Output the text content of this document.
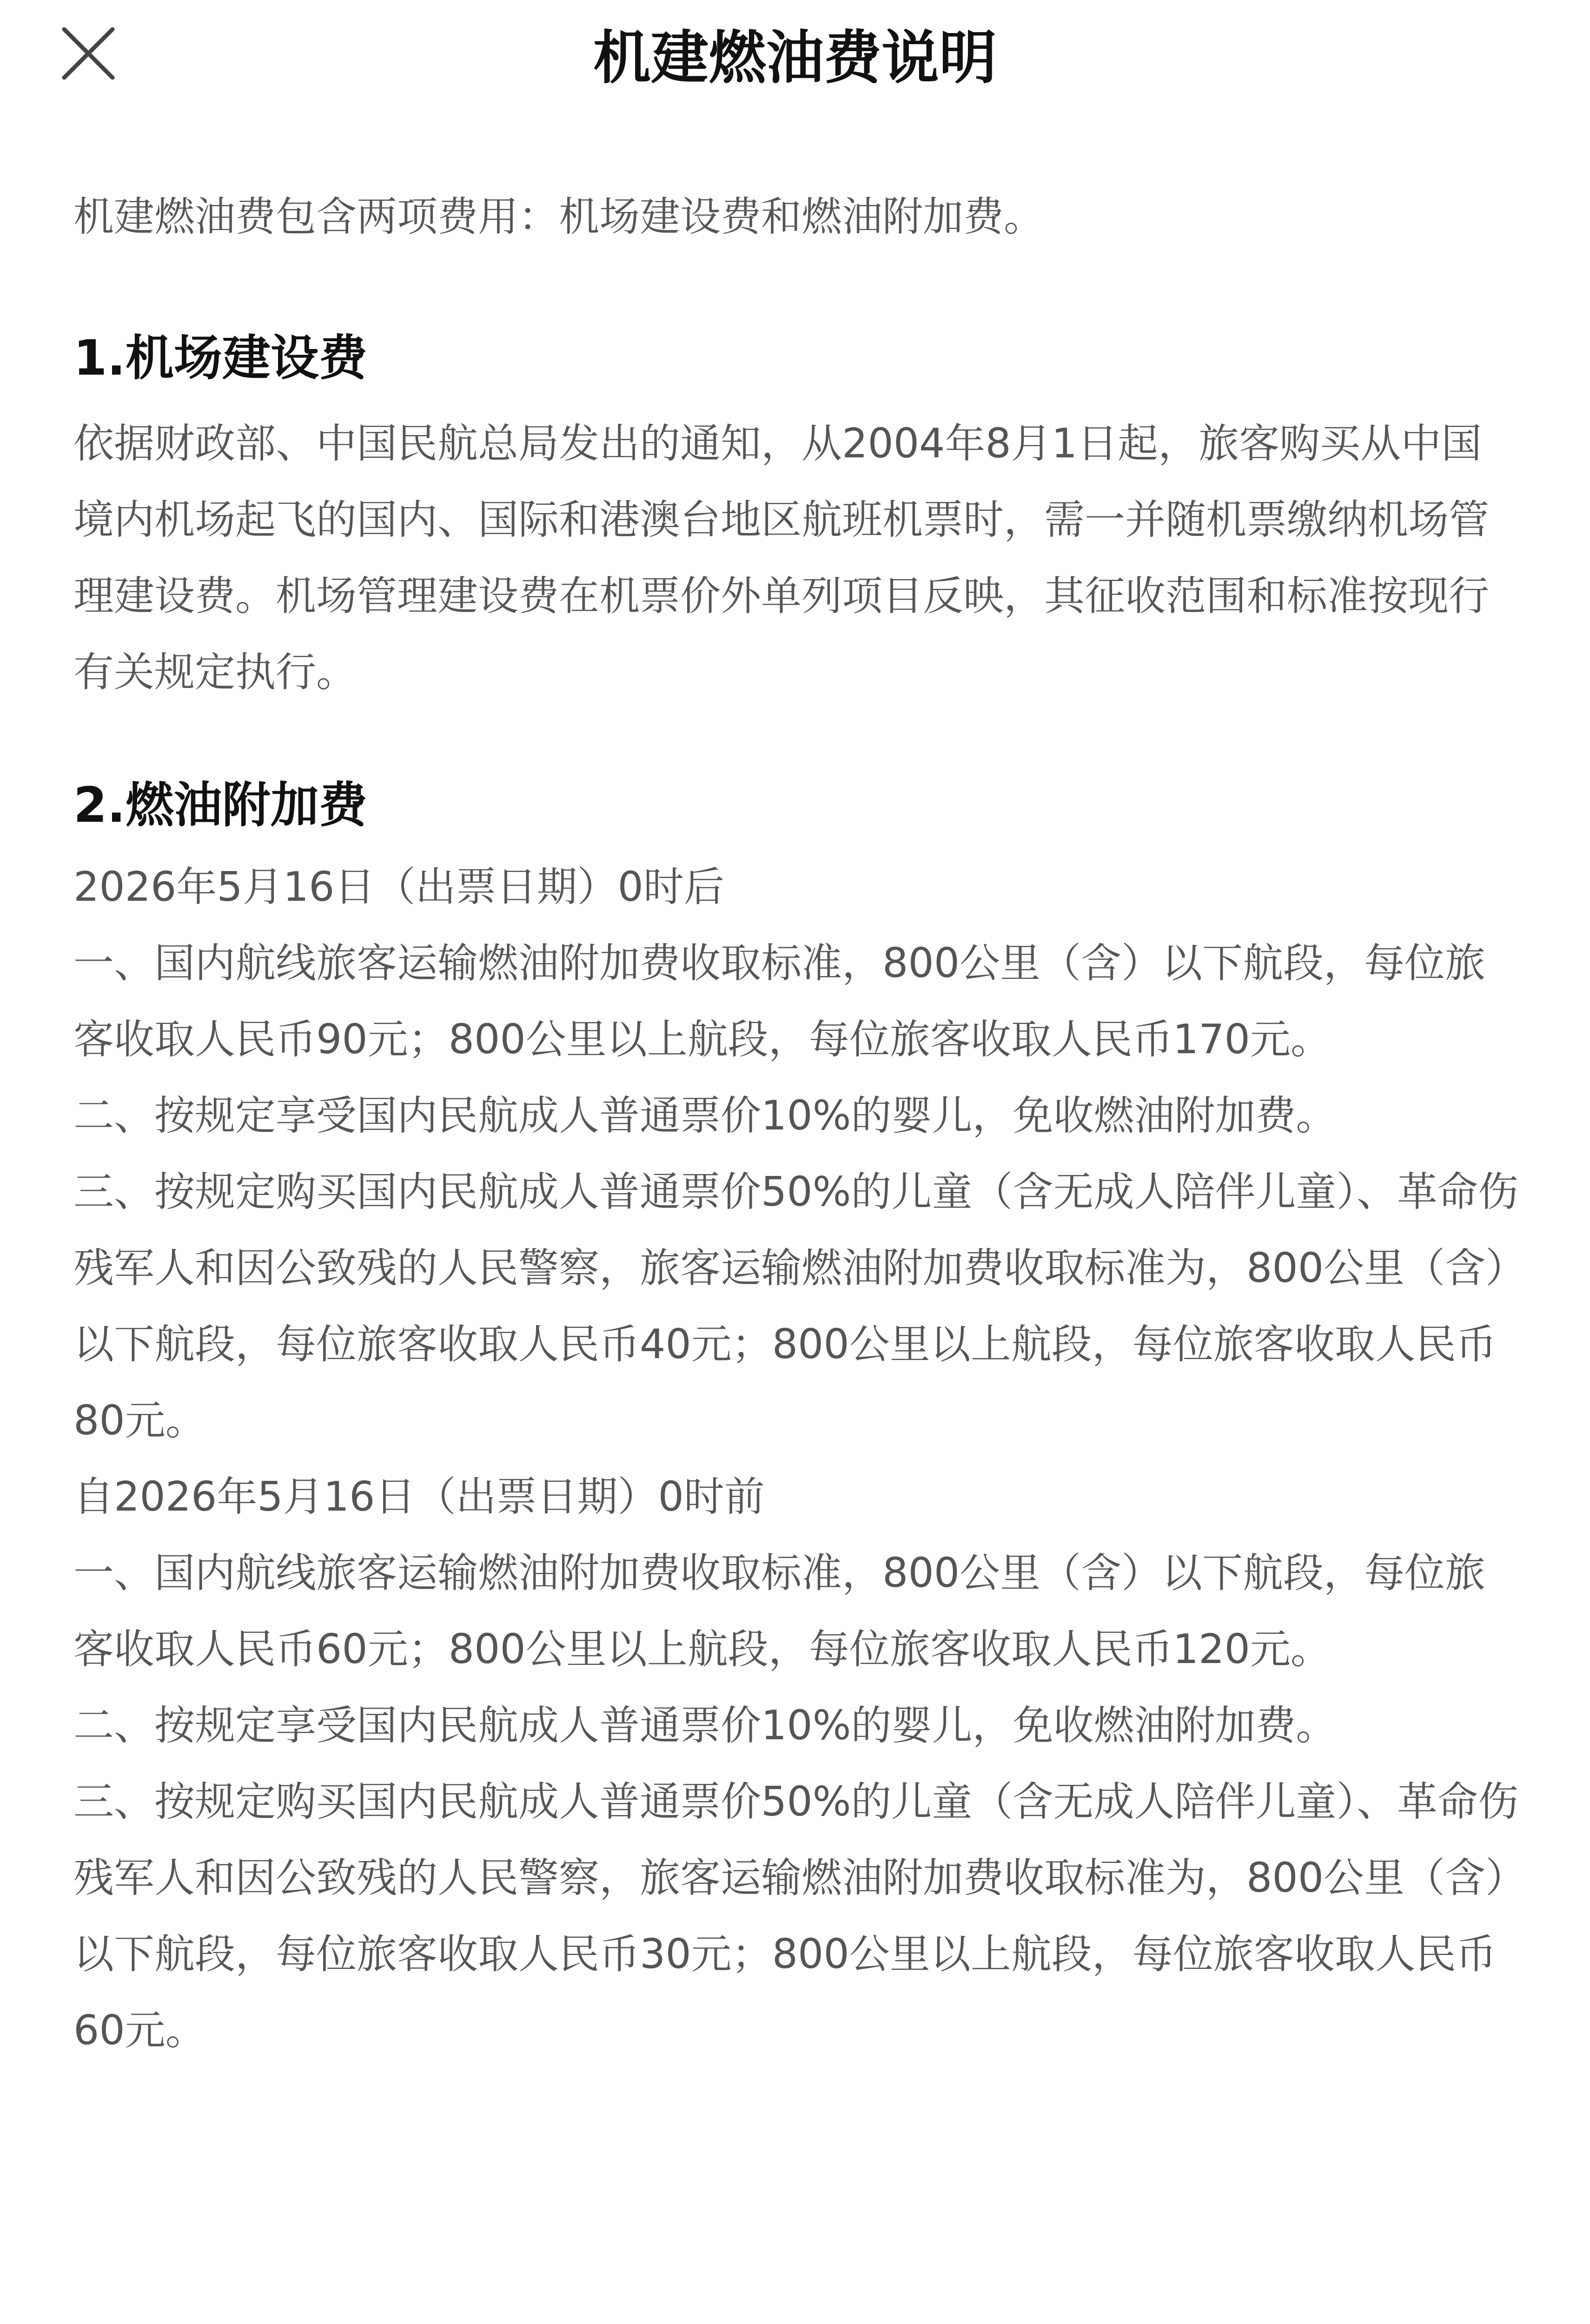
机建燃油费说明

机建燃油费包含两项费用：机场建设费和燃油附加费。

1.机场建设费

依据财政部、中国民航总局发出的通知，从2004年8月1日起，旅客购买从中国境内机场起飞的国内、国际和港澳台地区航班机票时，需一并随机票缴纳机场管理建设费。机场管理建设费在机票价外单列项目反映，其征收范围和标准按现行有关规定执行。

2.燃油附加费

2026年5月16日（出票日期）0时后

一、国内航线旅客运输燃油附加费收取标准，800公里（含）以下航段，每位旅客收取人民币90元；800公里以上航段，每位旅客收取人民币170元。

二、按规定享受国内民航成人普通票价10%的婴儿，免收燃油附加费。

三、按规定购买国内民航成人普通票价50%的儿童（含无成人陪伴儿童）、革命伤残军人和因公致残的人民警察，旅客运输燃油附加费收取标准为，800公里（含）以下航段，每位旅客收取人民币40元；800公里以上航段，每位旅客收取人民币80元。

自2026年5月16日（出票日期）0时前

一、国内航线旅客运输燃油附加费收取标准，800公里（含）以下航段，每位旅客收取人民币60元；800公里以上航段，每位旅客收取人民币120元。

二、按规定享受国内民航成人普通票价10%的婴儿，免收燃油附加费。

三、按规定购买国内民航成人普通票价50%的儿童（含无成人陪伴儿童）、革命伤残军人和因公致残的人民警察，旅客运输燃油附加费收取标准为，800公里（含）以下航段，每位旅客收取人民币30元；800公里以上航段，每位旅客收取人民币60元。
